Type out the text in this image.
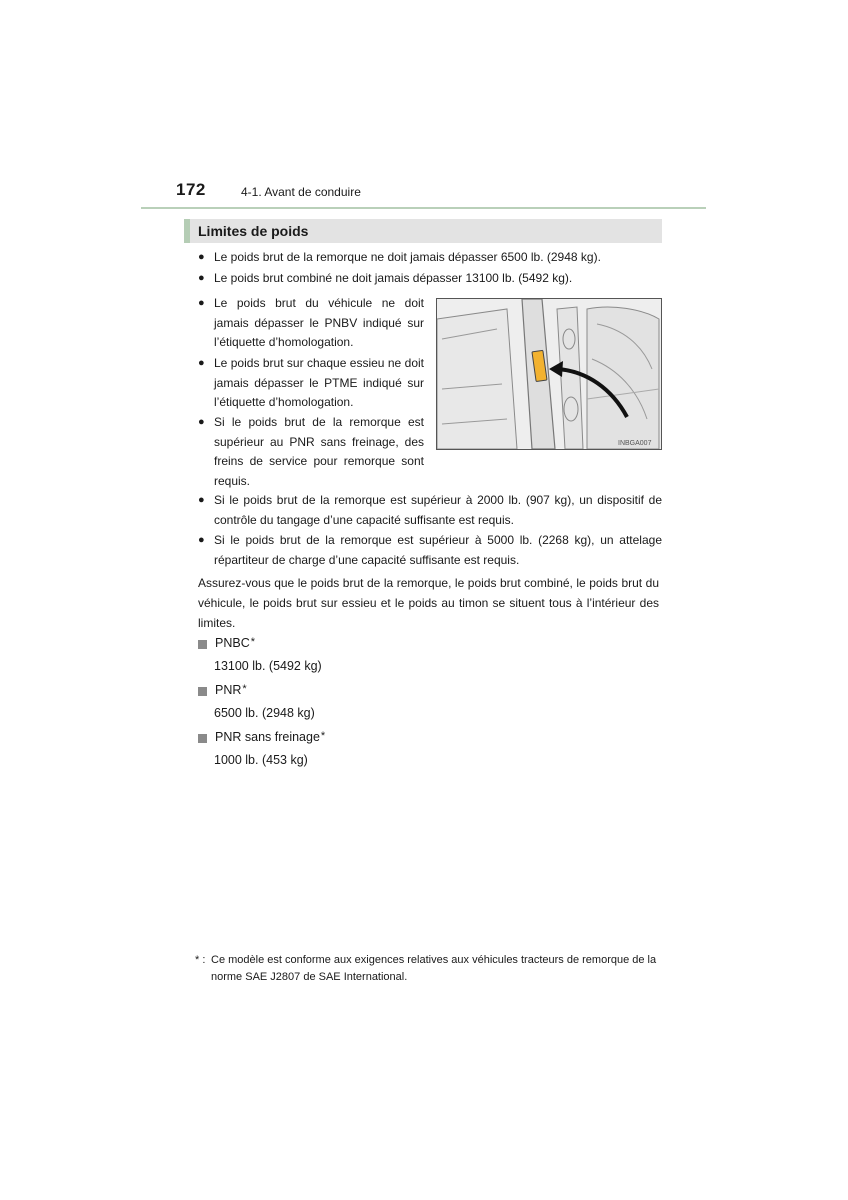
172	4-1. Avant de conduire
Limites de poids
● Le poids brut de la remorque ne doit jamais dépasser 6500 lb. (2948 kg).
● Le poids brut combiné ne doit jamais dépasser 13100 lb. (5492 kg).
● Le poids brut du véhicule ne doit jamais dépasser le PNBV indiqué sur l’étiquette d’homologation.
● Le poids brut sur chaque essieu ne doit jamais dépasser le PTME indiqué sur l’étiquette d’homologation.
● Si le poids brut de la remorque est supérieur au PNR sans freinage, des freins de service pour remorque sont requis.
INBGA007
● Si le poids brut de la remorque est supérieur à 2000 lb. (907 kg), un dispositif de contrôle du tangage d’une capacité suffisante est requis.
● Si le poids brut de la remorque est supérieur à 5000 lb. (2268 kg), un attelage répartiteur de charge d’une capacité suffisante est requis.
Assurez-vous que le poids brut de la remorque, le poids brut combiné, le poids brut du véhicule, le poids brut sur essieu et le poids au timon se situent tous à l’intérieur des limites.
PNBC *
13100 lb. (5492 kg)
PNR *
6500 lb. (2948 kg)
PNR sans freinage *
1000 lb. (453 kg)
* : Ce modèle est conforme aux exigences relatives aux véhicules tracteurs de remorque de la norme SAE J2807 de SAE International.
